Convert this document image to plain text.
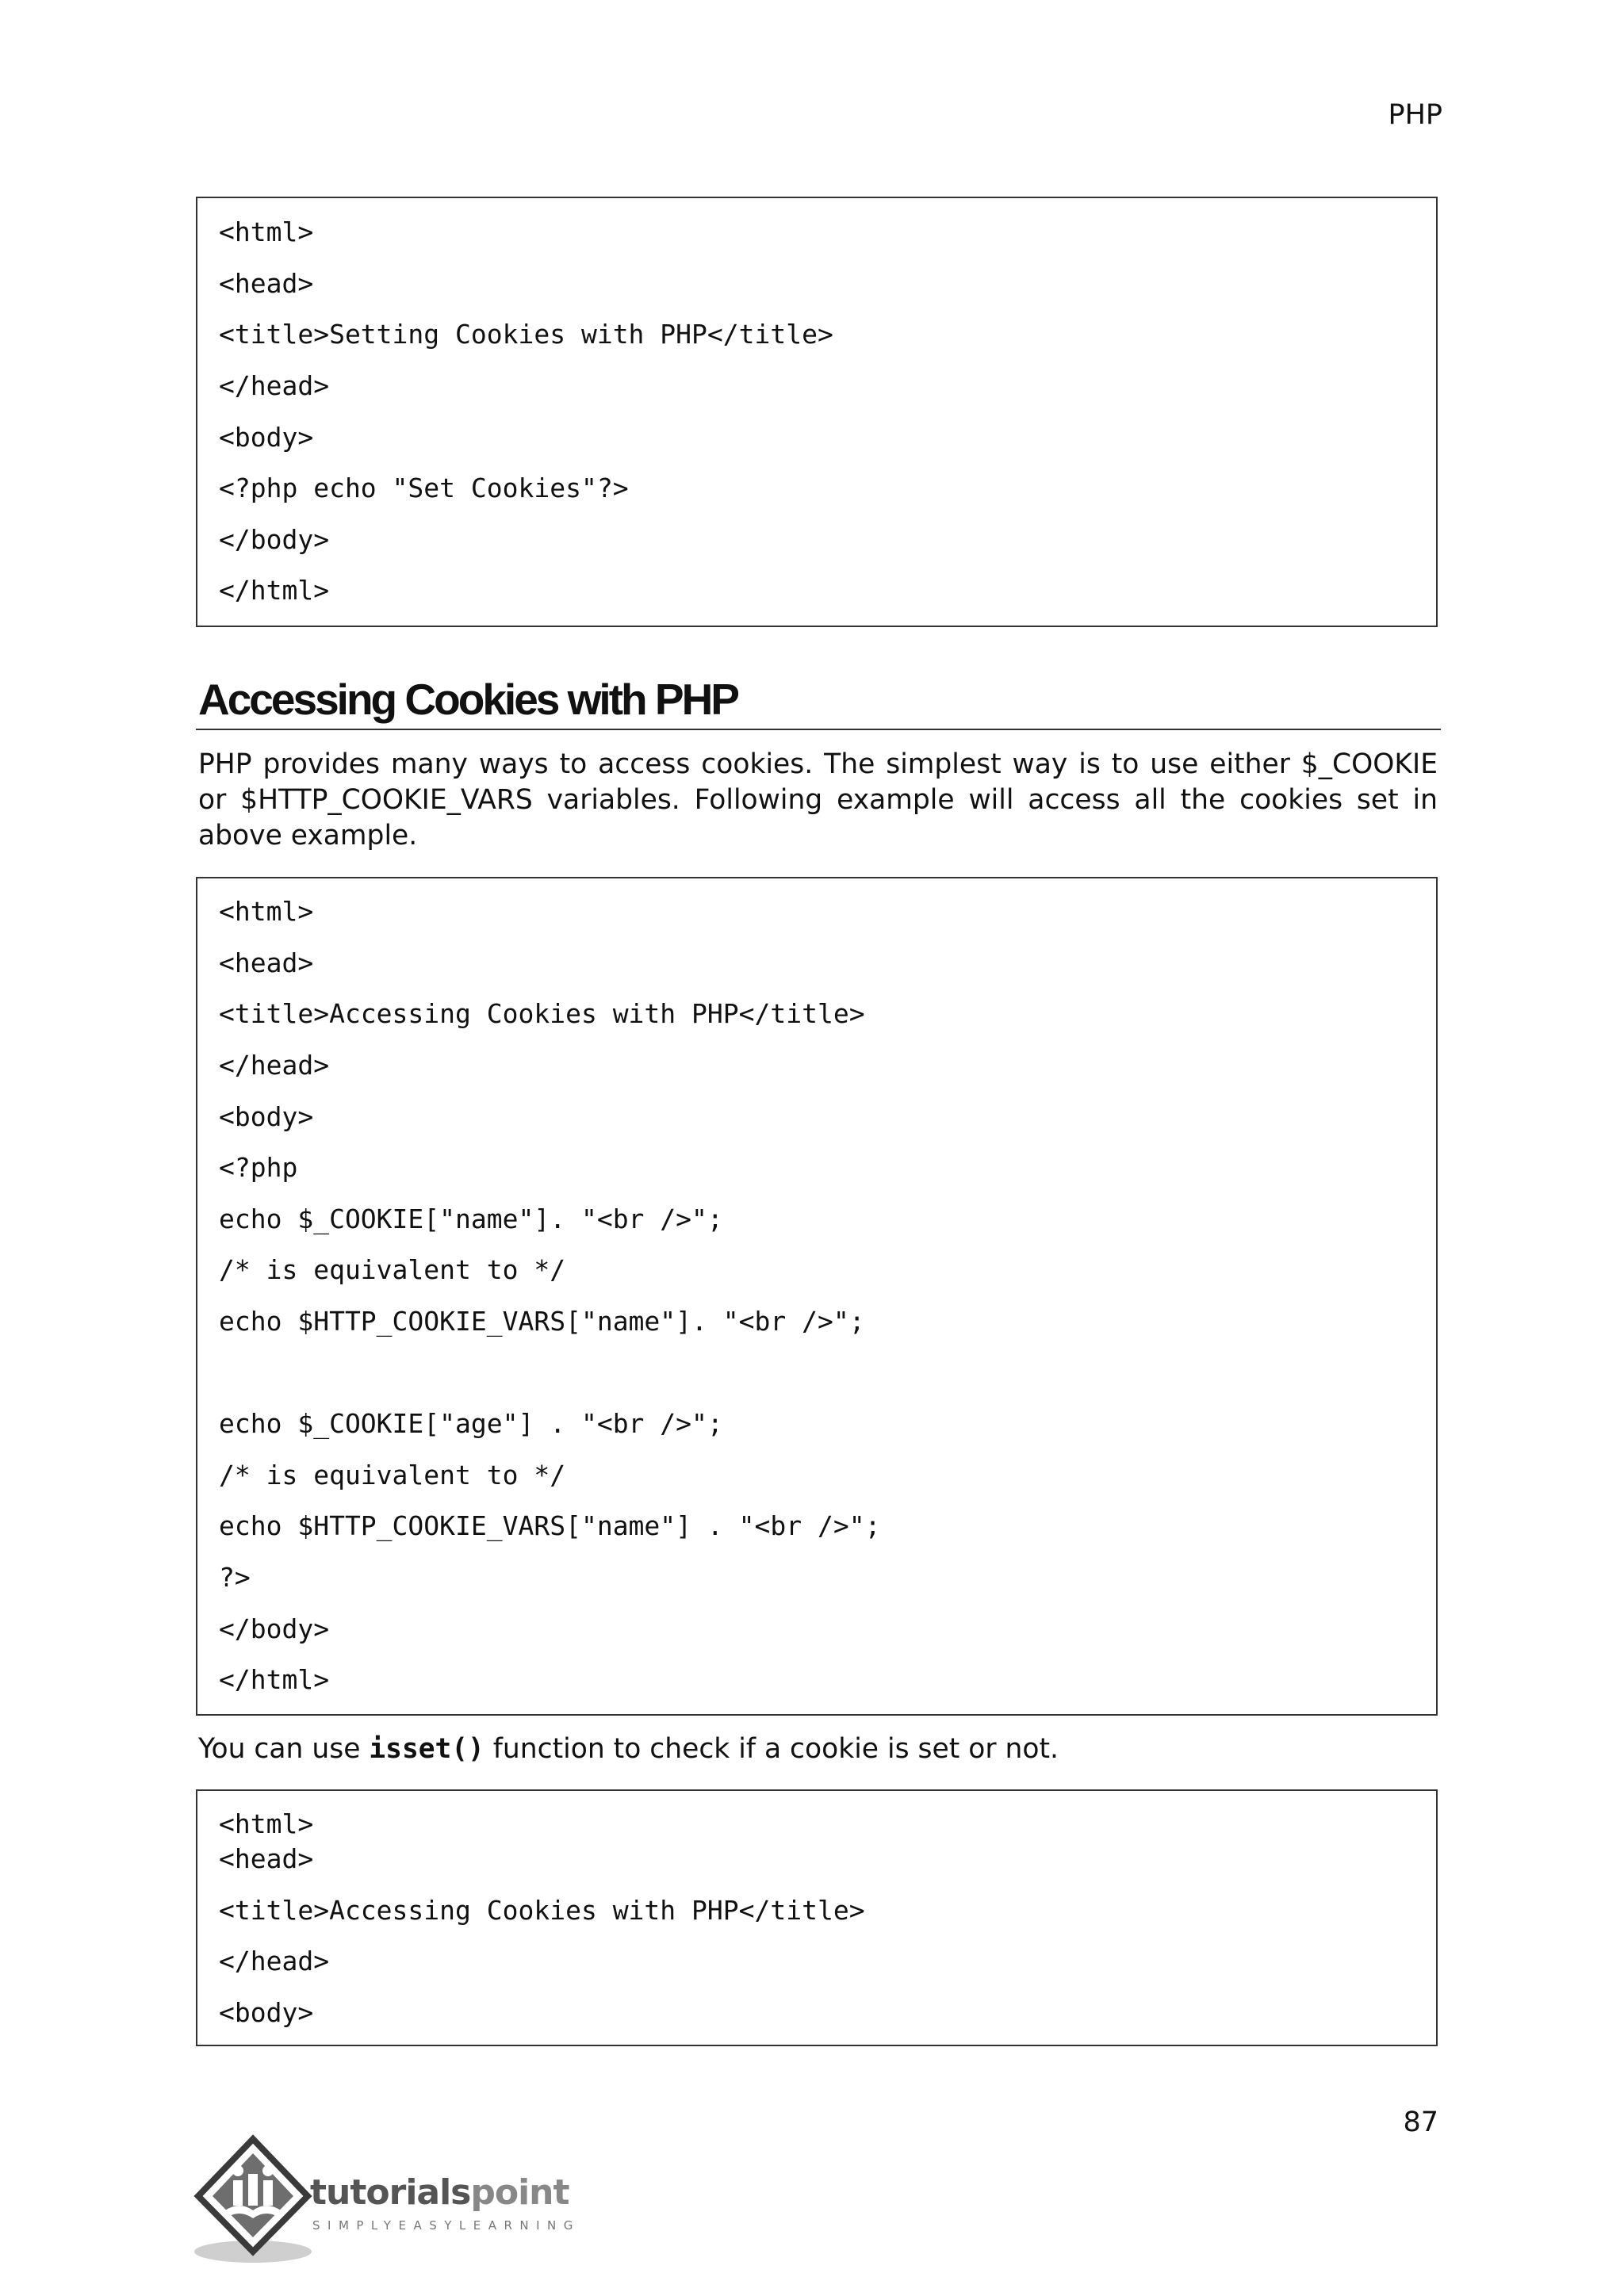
PHP
<html>
<head>
<title>Setting Cookies with PHP</title>
</head>
<body>
<?php echo "Set Cookies"?>
</body>
</html>
Accessing Cookies with PHP
PHP provides many ways to access cookies. The simplest way is to use either $_COOKIE
or $HTTP_COOKIE_VARS variables. Following example will access all the cookies set in
above example.
<html>
<head>
<title>Accessing Cookies with PHP</title>
</head>
<body>
<?php
echo $_COOKIE["name"]. "<br />";
/* is equivalent to */
echo $HTTP_COOKIE_VARS["name"]. "<br />";
echo $_COOKIE["age"] . "<br />";
/* is equivalent to */
echo $HTTP_COOKIE_VARS["name"] . "<br />";
?>
</body>
</html>
You can use isset() function to check if a cookie is set or not.
<html>
<head>
<title>Accessing Cookies with PHP</title>
</head>
<body>
87
tutorialspoint
SIMPLYEASYLEARNING
